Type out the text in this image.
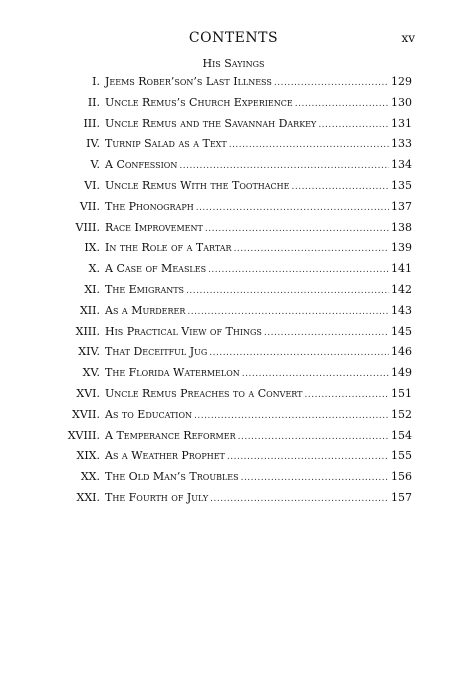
CONTENTS	xv
His Sayings
I. Jeems Rober’son’s Last Illness .....	129
II. Uncle Remus’s Church Experience .....	130
III. Uncle Remus and the Savannah Darkey .....	131
IV. Turnip Salad as a Text .....	133
V. A Confession .....	134
VI. Uncle Remus With the Toothache .....	135
VII. The Phonograph .....	137
VIII. Race Improvement .....	138
IX. In the Role of a Tartar .....	139
X. A Case of Measles .....	141
XI. The Emigrants .....	142
XII. As a Murderer .....	143
XIII. His Practical View of Things .....	145
XIV. That Deceitful Jug .....	146
XV. The Florida Watermelon .....	149
XVI. Uncle Remus Preaches to a Convert .....	151
XVII. As to Education .....	152
XVIII. A Temperance Reformer .....	154
XIX. As a Weather Prophet .....	155
XX. The Old Man’s Troubles .....	156
XXI. The Fourth of July .....	157
